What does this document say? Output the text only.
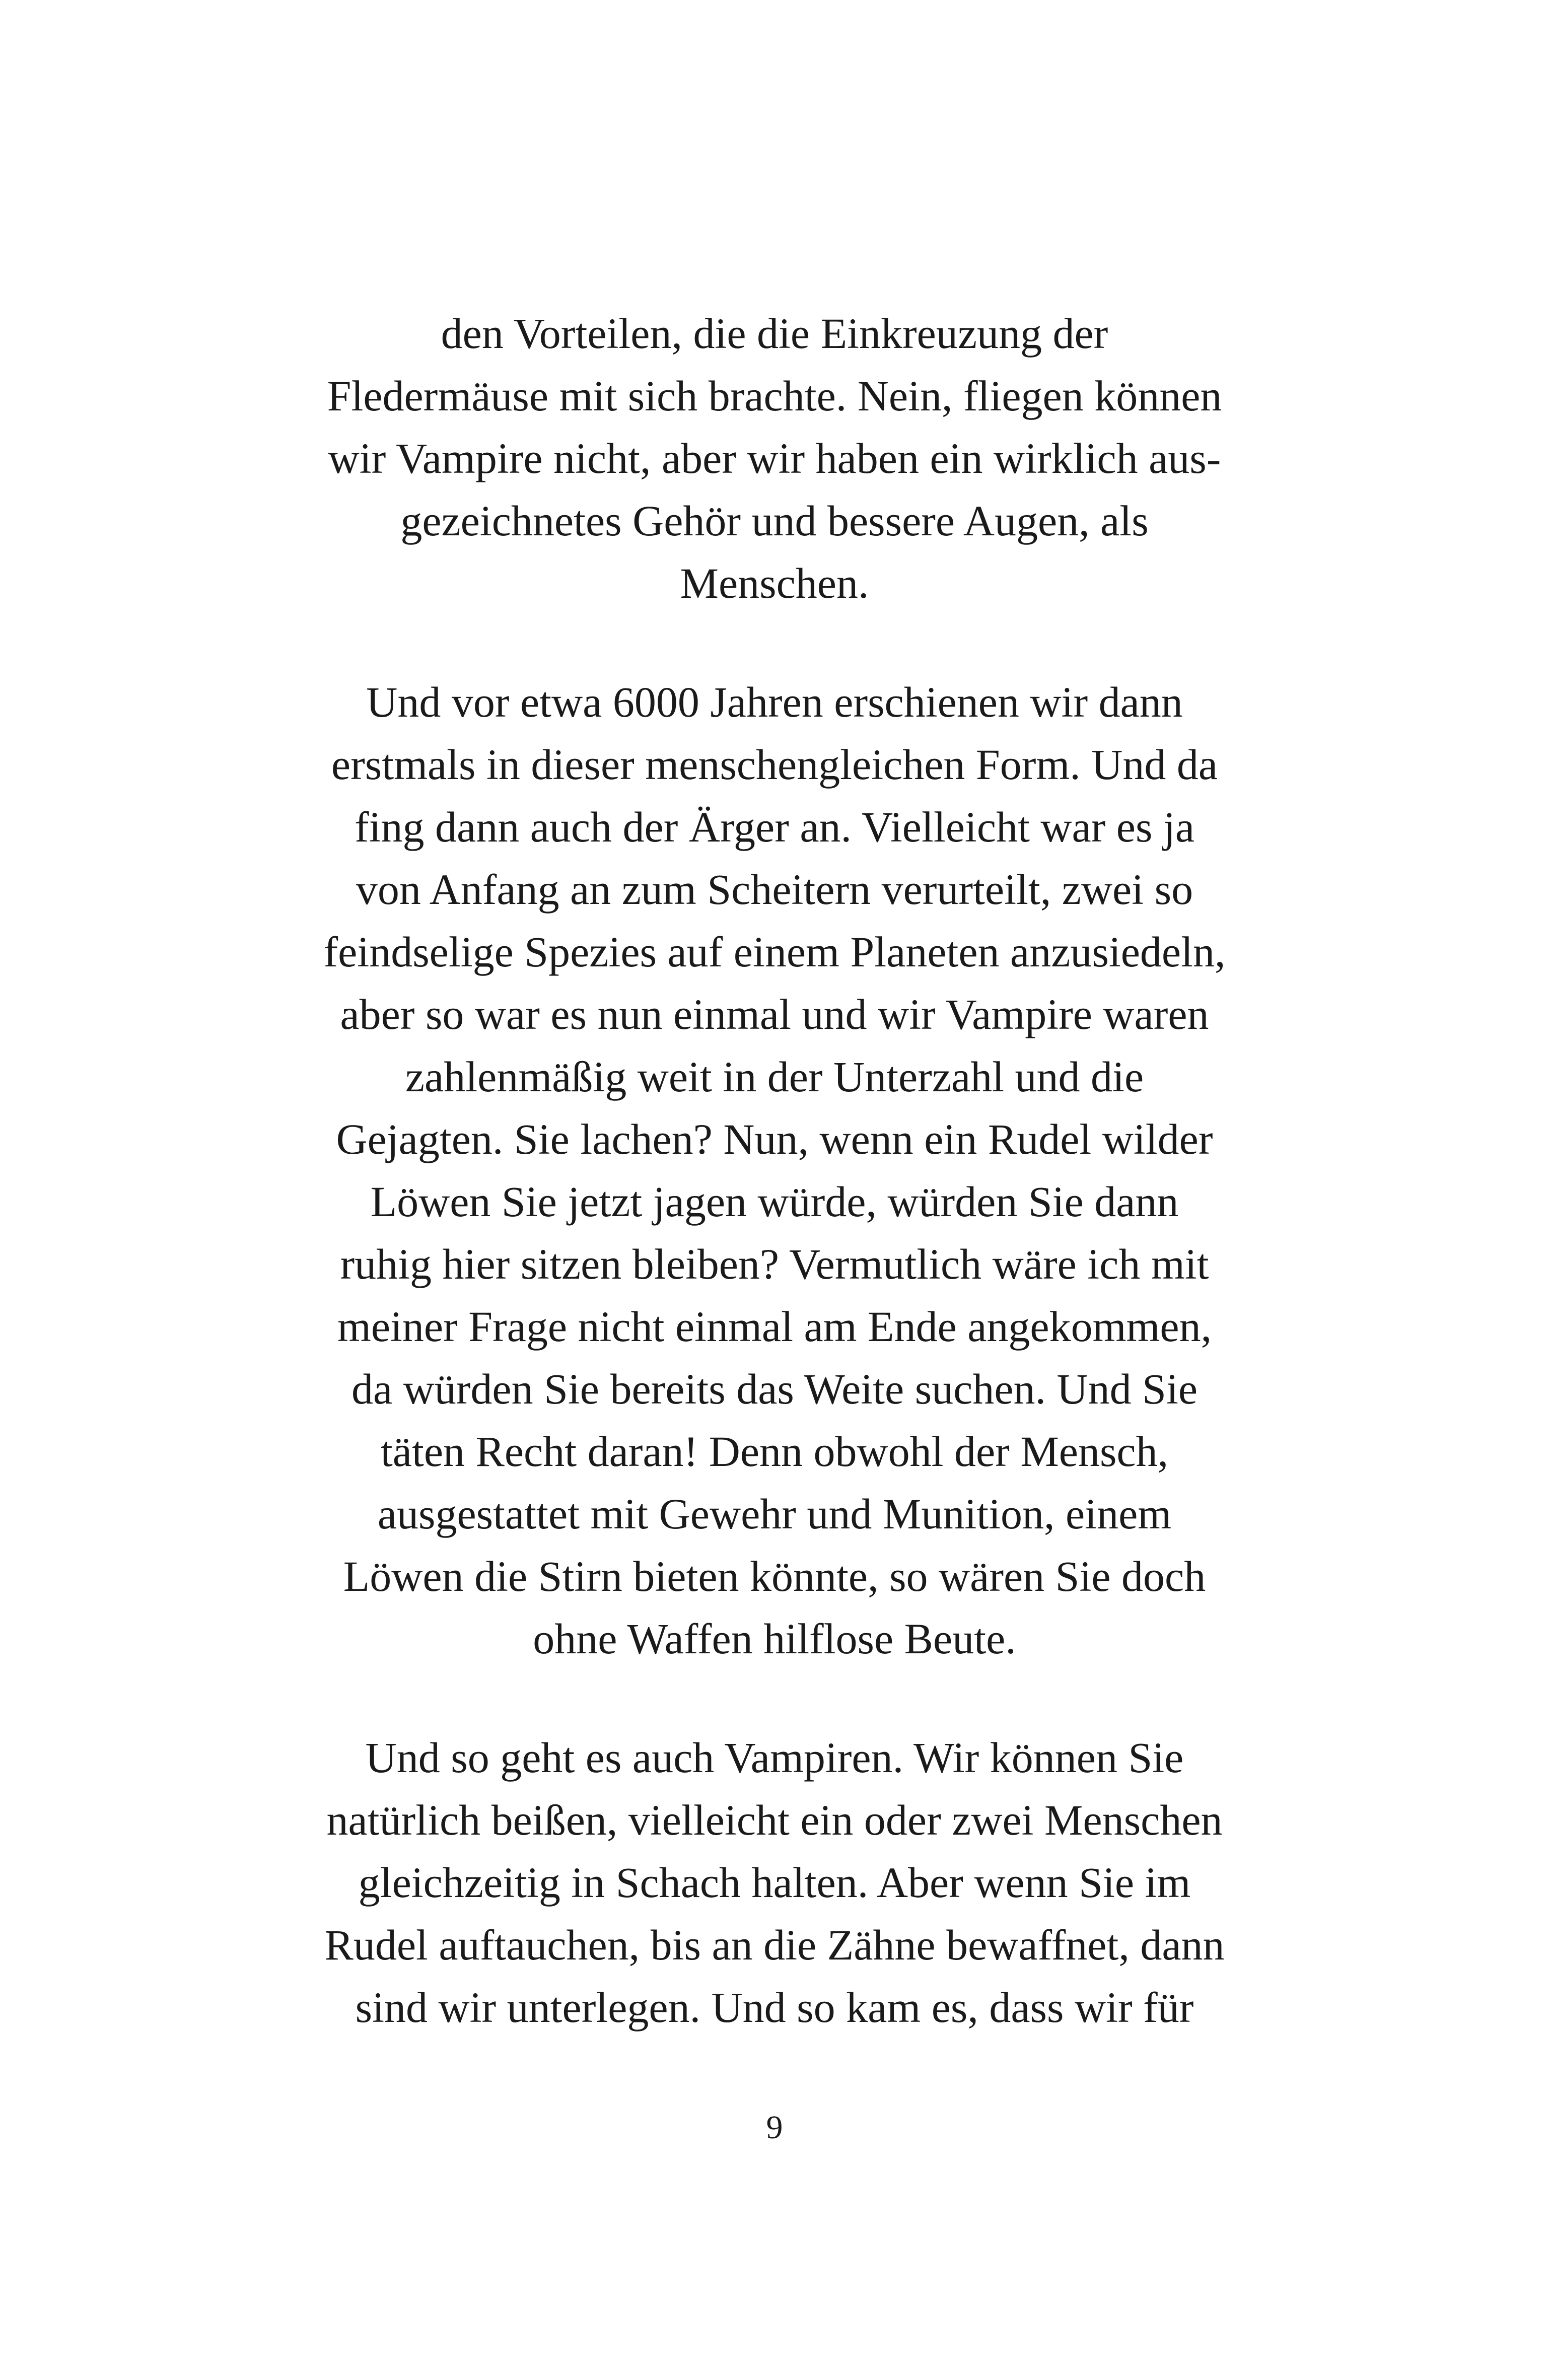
den Vorteilen, die die Einkreuzung der
Fledermäuse mit sich brachte. Nein, fliegen können
wir Vampire nicht, aber wir haben ein wirklich aus-
gezeichnetes Gehör und bessere Augen, als
Menschen.
Und vor etwa 6000 Jahren erschienen wir dann
erstmals in dieser menschengleichen Form. Und da
fing dann auch der Ärger an. Vielleicht war es ja
von Anfang an zum Scheitern verurteilt, zwei so
feindselige Spezies auf einem Planeten anzusiedeln,
aber so war es nun einmal und wir Vampire waren
zahlenmäßig weit in der Unterzahl und die
Gejagten. Sie lachen? Nun, wenn ein Rudel wilder
Löwen Sie jetzt jagen würde, würden Sie dann
ruhig hier sitzen bleiben? Vermutlich wäre ich mit
meiner Frage nicht einmal am Ende angekommen,
da würden Sie bereits das Weite suchen. Und Sie
täten Recht daran! Denn obwohl der Mensch,
ausgestattet mit Gewehr und Munition, einem
Löwen die Stirn bieten könnte, so wären Sie doch
ohne Waffen hilflose Beute.
Und so geht es auch Vampiren. Wir können Sie
natürlich beißen, vielleicht ein oder zwei Menschen
gleichzeitig in Schach halten. Aber wenn Sie im
Rudel auftauchen, bis an die Zähne bewaffnet, dann
sind wir unterlegen. Und so kam es, dass wir für
9
